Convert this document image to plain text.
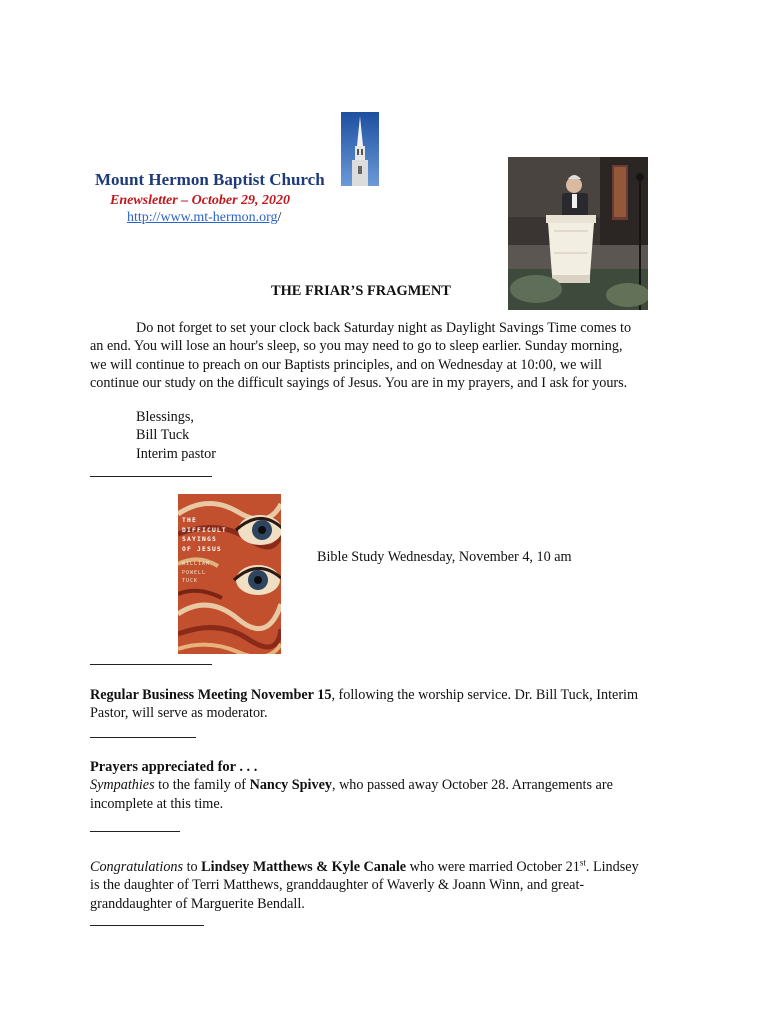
Mount Hermon Baptist Church
Enewsletter – October 29, 2020
http://www.mt-hermon.org/
THE FRIAR’S FRAGMENT
Do not forget to set your clock back Saturday night as Daylight Savings Time comes to
an end. You will lose an hour's sleep, so you may need to go to sleep earlier. Sunday morning,
we will continue to preach on our Baptists principles, and on Wednesday at 10:00, we will
continue our study on the difficult sayings of Jesus. You are in my prayers, and I ask for yours.
Blessings,
Bill Tuck
Interim pastor
THE
DIFFICULT
SAYINGS
OF JESUS
WILLIAM
POWELL
TUCK
Bible Study Wednesday, November 4, 10 am
Regular Business Meeting November 15, following the worship service. Dr. Bill Tuck, Interim
Pastor, will serve as moderator.
Prayers appreciated for . . .
Sympathies to the family of Nancy Spivey, who passed away October 28. Arrangements are
incomplete at this time.
Congratulations to Lindsey Matthews & Kyle Canale who were married October 21st. Lindsey
is the daughter of Terri Matthews, granddaughter of Waverly & Joann Winn, and great-
granddaughter of Marguerite Bendall.
